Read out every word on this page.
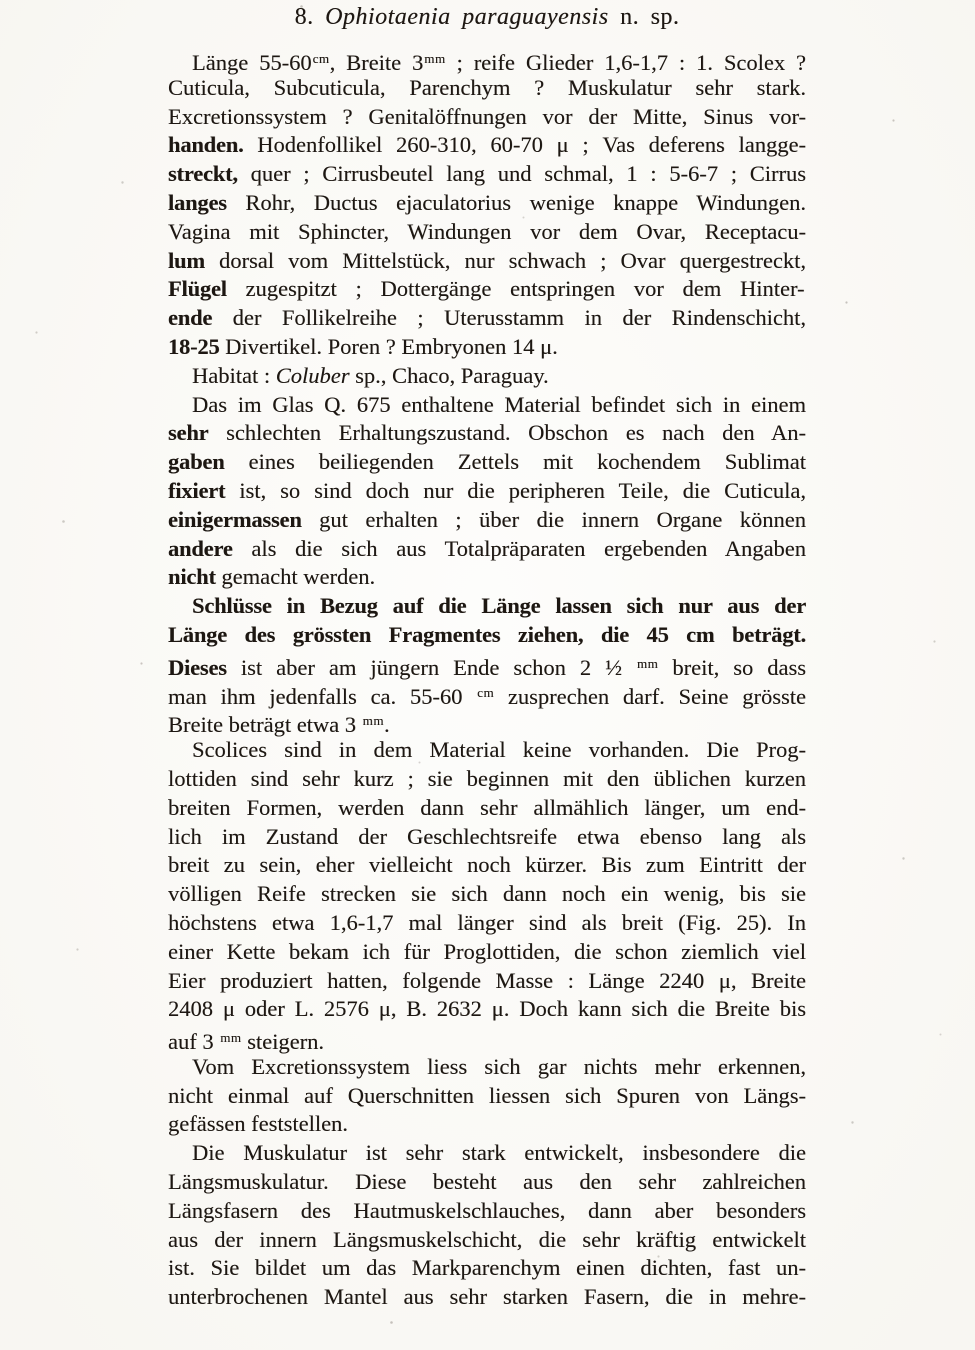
8. Ophiotaenia paraguayensis n. sp.
Länge $55-60^{cm}$, Breite $3^{mm}$ ; reife Glieder 1,6-1,7 : 1. Scolex ?
Cuticula, Subcuticula, Parenchym ? Muskulatur sehr stark.
Excretionssystem ? Genitalöffnungen vor der Mitte, Sinus vor-
handen. Hodenfollikel 260-310, 60-70 μ ; Vas deferens langge-
streckt, quer ; Cirrusbeutel lang und schmal, 1 : 5-6-7 ; Cirrus
langes Rohr, Ductus ejaculatorius wenige knappe Windungen.
Vagina mit Sphincter, Windungen vor dem Ovar, Receptacu-
lum dorsal vom Mittelstück, nur schwach ; Ovar quergestreckt,
Flügel zugespitzt ; Dottergänge entspringen vor dem Hinter-
ende der Follikelreihe ; Uterusstamm in der Rindenschicht,
18-25 Divertikel. Poren ? Embryonen 14 μ.
Habitat : Coluber sp., Chaco, Paraguay.
Das im Glas Q. 675 enthaltene Material befindet sich in einem
sehr schlechten Erhaltungszustand. Obschon es nach den An-
gaben eines beiliegenden Zettels mit kochendem Sublimat
fixiert ist, so sind doch nur die peripheren Teile, die Cuticula,
einigermassen gut erhalten ; über die innern Organe können
andere als die sich aus Totalpräparaten ergebenden Angaben
nicht gemacht werden.
Schlüsse in Bezug auf die Länge lassen sich nur aus der
Länge des grössten Fragmentes ziehen, die 45 cm beträgt.
Dieses ist aber am jüngern Ende schon 2 ½ $^{mm}$ breit, so dass
man ihm jedenfalls ca. 55-60 $^{cm}$ zusprechen darf. Seine grösste
Breite beträgt etwa 3 $^{mm}$.
Scolices sind in dem Material keine vorhanden. Die Prog-
lottiden sind sehr kurz ; sie beginnen mit den üblichen kurzen
breiten Formen, werden dann sehr allmählich länger, um end-
lich im Zustand der Geschlechtsreife etwa ebenso lang als
breit zu sein, eher vielleicht noch kürzer. Bis zum Eintritt der
völligen Reife strecken sie sich dann noch ein wenig, bis sie
höchstens etwa 1,6-1,7 mal länger sind als breit (Fig. 25). In
einer Kette bekam ich für Proglottiden, die schon ziemlich viel
Eier produziert hatten, folgende Masse : Länge 2240 μ, Breite
2408 μ oder L. 2576 μ, B. 2632 μ. Doch kann sich die Breite bis
auf 3 $^{mm}$ steigern.
Vom Excretionssystem liess sich gar nichts mehr erkennen,
nicht einmal auf Querschnitten liessen sich Spuren von Längs-
gefässen feststellen.
Die Muskulatur ist sehr stark entwickelt, insbesondere die
Längsmuskulatur. Diese besteht aus den sehr zahlreichen
Längsfasern des Hautmuskelschlauches, dann aber besonders
aus der innern Längsmuskelschicht, die sehr kräftig entwickelt
ist. Sie bildet um das Markparenchym einen dichten, fast un-
unterbrochenen Mantel aus sehr starken Fasern, die in mehre-
